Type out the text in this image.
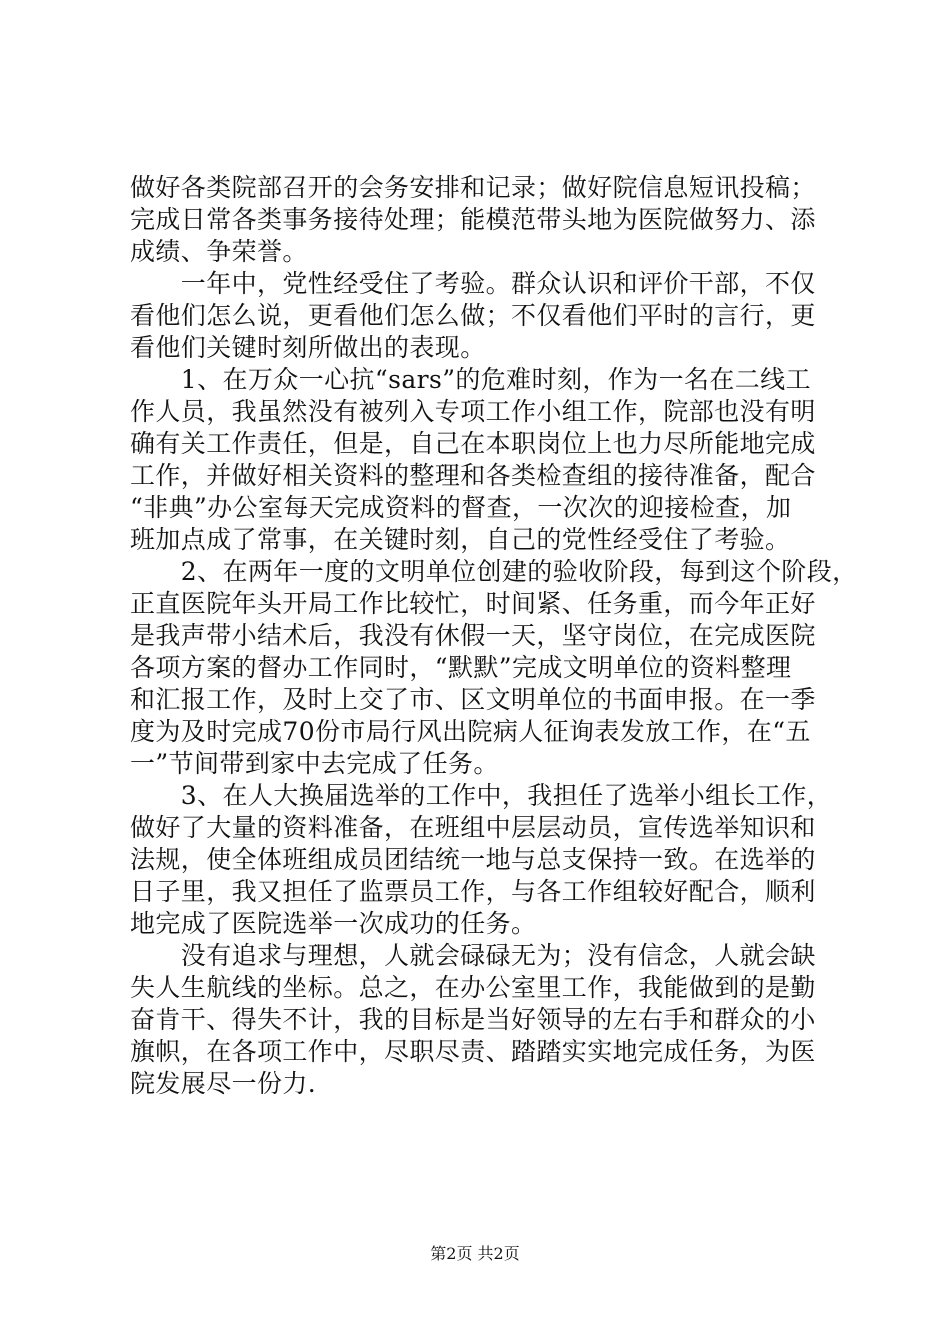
做好各类院部召开的会务安排和记录；做好院信息短讯投稿；
完成日常各类事务接待处理；能模范带头地为医院做努力、添
成绩、争荣誉。
　　一年中，党性经受住了考验。群众认识和评价干部，不仅
看他们怎么说，更看他们怎么做；不仅看他们平时的言行，更
看他们关键时刻所做出的表现。
　　1、在万众一心抗“sars”的危难时刻，作为一名在二线工
作人员，我虽然没有被列入专项工作小组工作，院部也没有明
确有关工作责任，但是，自己在本职岗位上也力尽所能地完成
工作，并做好相关资料的整理和各类检查组的接待准备，配合
“非典”办公室每天完成资料的督查，一次次的迎接检查，加
班加点成了常事，在关键时刻，自己的党性经受住了考验。
　　2、在两年一度的文明单位创建的验收阶段，每到这个阶段，
正直医院年头开局工作比较忙，时间紧、任务重，而今年正好
是我声带小结术后，我没有休假一天，坚守岗位，在完成医院
各项方案的督办工作同时，“默默”完成文明单位的资料整理
和汇报工作，及时上交了市、区文明单位的书面申报。在一季
度为及时完成70份市局行风出院病人征询表发放工作，在“五
一”节间带到家中去完成了任务。
　　3、在人大换届选举的工作中，我担任了选举小组长工作，
做好了大量的资料准备，在班组中层层动员，宣传选举知识和
法规，使全体班组成员团结统一地与总支保持一致。在选举的
日子里，我又担任了监票员工作，与各工作组较好配合，顺利
地完成了医院选举一次成功的任务。
　　没有追求与理想，人就会碌碌无为；没有信念，人就会缺
失人生航线的坐标。总之，在办公室里工作，我能做到的是勤
奋肯干、得失不计，我的目标是当好领导的左右手和群众的小
旗帜，在各项工作中，尽职尽责、踏踏实实地完成任务，为医
院发展尽一份力.
第2页 共2页
